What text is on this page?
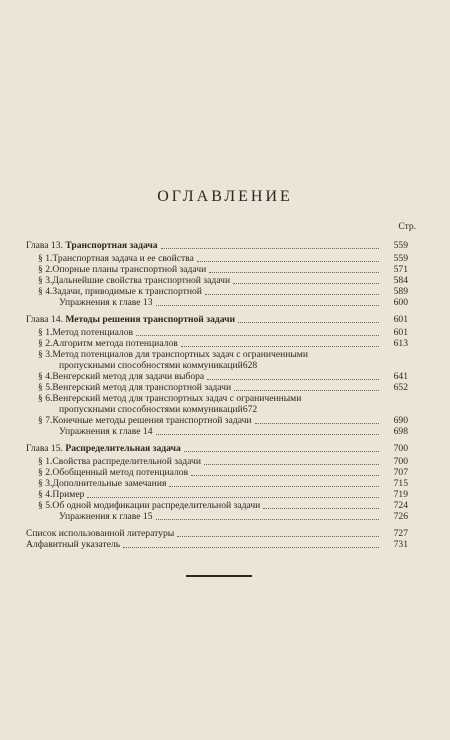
ОГЛАВЛЕНИЕ
Стр.
Глава 13. Транспортная задача	559
§ 1. Транспортная задача и ее свойства	559
§ 2. Опорные планы транспортной задачи	571
§ 3. Дальнейшие свойства транспортной задачи	584
§ 4. Задачи, приводимые к транспортной	589
Упражнения к главе 13	600
Глава 14. Методы решения транспортной задачи	601
§ 1. Метод потенциалов	601
§ 2. Алгоритм метода потенциалов	613
§ 3. Метод потенциалов для транспортных задач с ограниченными
пропускными способностями коммуникаций 628
§ 4. Венгерский метод для задачи выбора	641
§ 5. Венгерский метод для транспортной задачи	652
§ 6. Венгерский метод для транспортных задач с ограниченными
пропускными способностями коммуникаций 672
§ 7. Конечные методы решения транспортной задачи	690
Упражнения к главе 14	698
Глава 15. Распределительная задача	700
§ 1. Свойства распределительной задачи	700
§ 2. Обобщенный метод потенциалов	707
§ 3. Дополнительные замечания	715
§ 4. Пример	719
§ 5. Об одной модификации распределительной задачи	724
Упражнения к главе 15	726
Список использованной литературы	727
Алфавитный указатель	731
